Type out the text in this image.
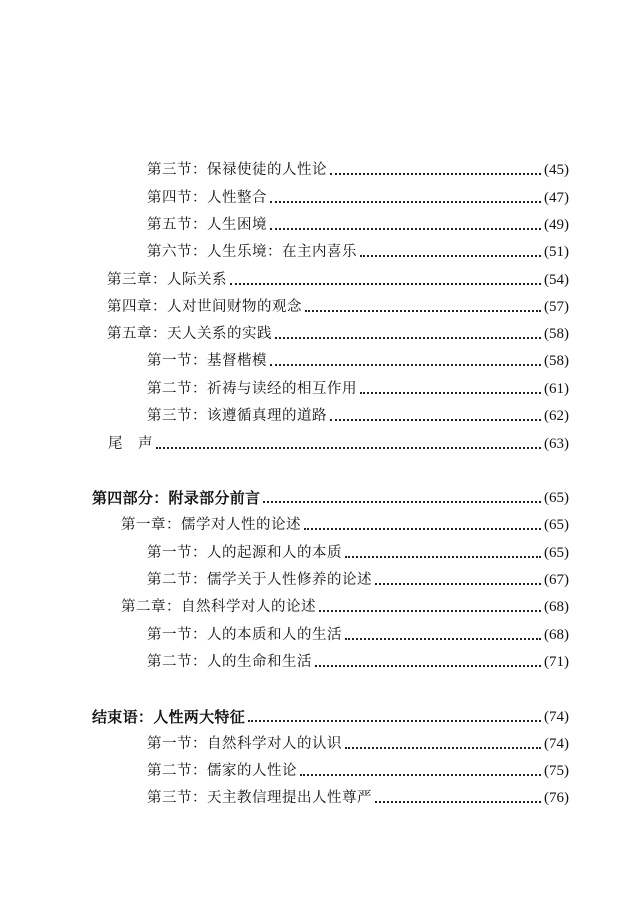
第三节：保禄使徒的人性论	(45)
第四节：人性整合	(47)
第五节：人生困境	(49)
第六节：人生乐境：在主内喜乐	(51)
第三章：人际关系	(54)
第四章：人对世间财物的观念	(57)
第五章：天人关系的实践	(58)
第一节：基督楷模	(58)
第二节：祈祷与读经的相互作用	(61)
第三节：该遵循真理的道路	(62)
尾　声	(63)
第四部分：附录部分前言	(65)
第一章：儒学对人性的论述	(65)
第一节：人的起源和人的本质	(65)
第二节：儒学关于人性修养的论述	(67)
第二章：自然科学对人的论述	(68)
第一节：人的本质和人的生活	(68)
第二节：人的生命和生活	(71)
结束语：人性两大特征	(74)
第一节：自然科学对人的认识	(74)
第二节：儒家的人性论	(75)
第三节：天主教信理提出人性尊严	(76)
